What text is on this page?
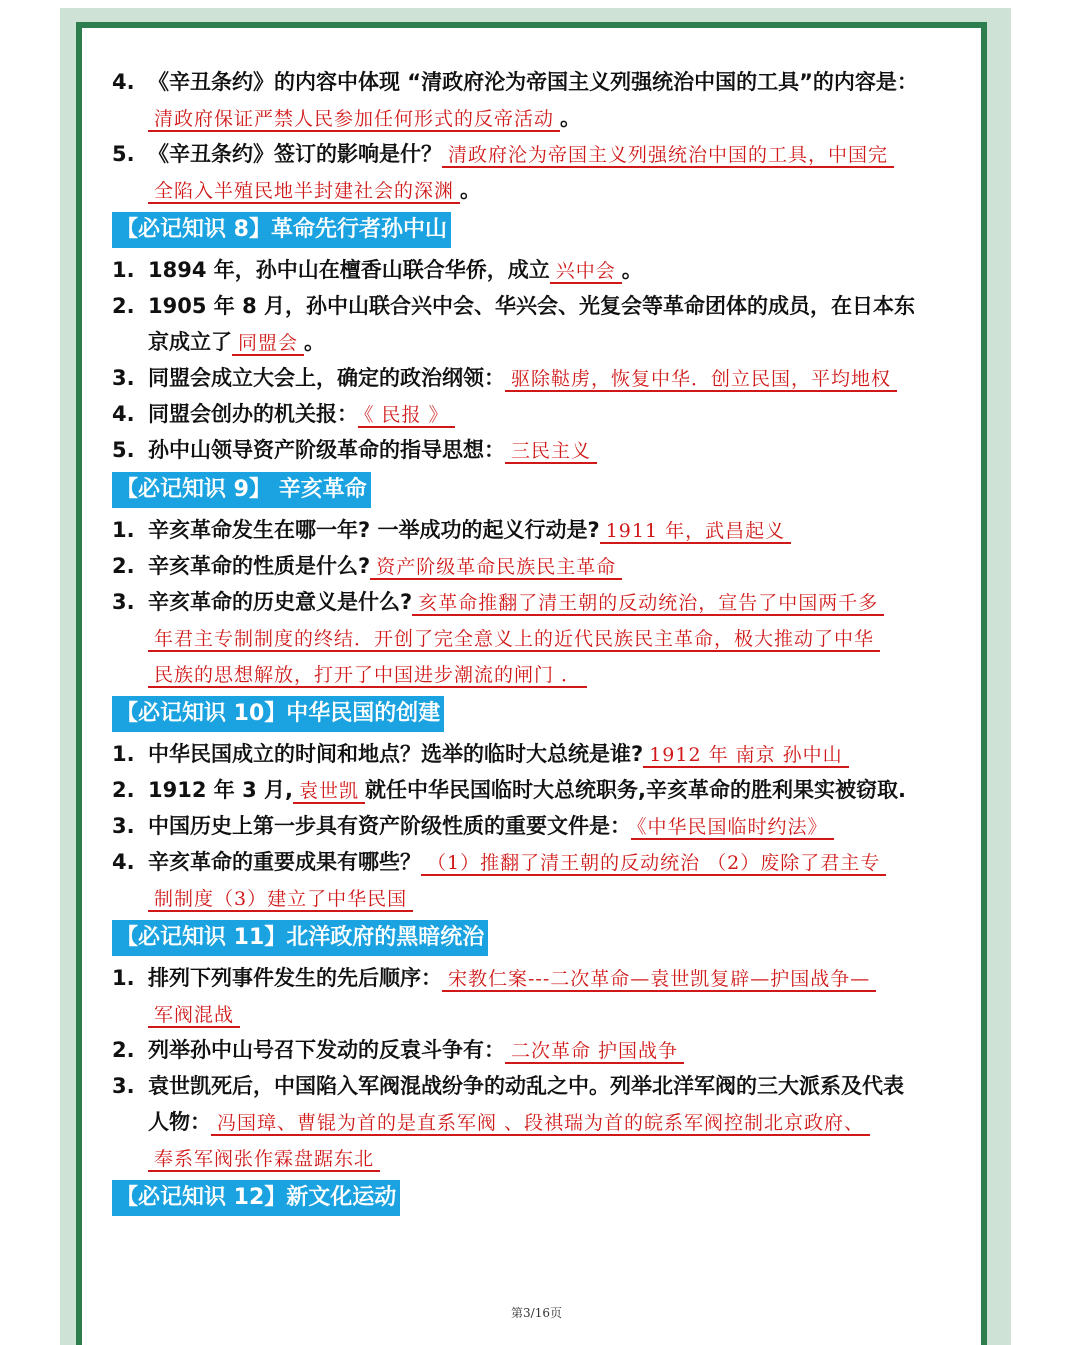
4. 《辛丑条约》的内容中体现 “清政府沦为帝国主义列强统治中国的工具”的内容是：
清政府保证严禁人民参加任何形式的反帝活动 。
5. 《辛丑条约》签订的影响是什？ 清政府沦为帝国主义列强统治中国的工具，中国完
全陷入半殖民地半封建社会的深渊 。
【必记知识 8】革命先行者孙中山
1. 1894 年，孙中山在檀香山联合华侨，成立 兴中会 。
2. 1905 年 8 月，孙中山联合兴中会、华兴会、光复会等革命团体的成员，在日本东
京成立了 同盟会 。
3. 同盟会成立大会上，确定的政治纲领： 驱除鞑虏，恢复中华．创立民国，平均地权
4. 同盟会创办的机关报： 《 民报 》
5. 孙中山领导资产阶级革命的指导思想： 三民主义
【必记知识 9】 辛亥革命
1. 辛亥革命发生在哪一年? 一举成功的起义行动是? 1911 年，武昌起义
2. 辛亥革命的性质是什么? 资产阶级革命民族民主革命
3. 辛亥革命的历史意义是什么? 亥革命推翻了清王朝的反动统治，宣告了中国两千多
年君主专制制度的终结．开创了完全意义上的近代民族民主革命，极大推动了中华
民族的思想解放，打开了中国进步潮流的闸门 ．
【必记知识 10】中华民国的创建
1. 中华民国成立的时间和地点？选举的临时大总统是谁? 1912 年 南京 孙中山
2. 1912 年 3 月, 袁世凯 就任中华民国临时大总统职务,辛亥革命的胜利果实被窃取.
3. 中国历史上第一步具有资产阶级性质的重要文件是： 《中华民国临时约法》
4. 辛亥革命的重要成果有哪些？ （1）推翻了清王朝的反动统治 （2）废除了君主专
制制度（3）建立了中华民国
【必记知识 11】北洋政府的黑暗统治
1. 排列下列事件发生的先后顺序： 宋教仁案---二次革命—袁世凯复辟—护国战争—
军阀混战
2. 列举孙中山号召下发动的反袁斗争有： 二次革命 护国战争
3. 袁世凯死后，中国陷入军阀混战纷争的动乱之中。列举北洋军阀的三大派系及代表
人物： 冯国璋、曹锟为首的是直系军阀 、段祺瑞为首的皖系军阀控制北京政府、
奉系军阀张作霖盘踞东北
【必记知识 12】新文化运动
第3/16页
